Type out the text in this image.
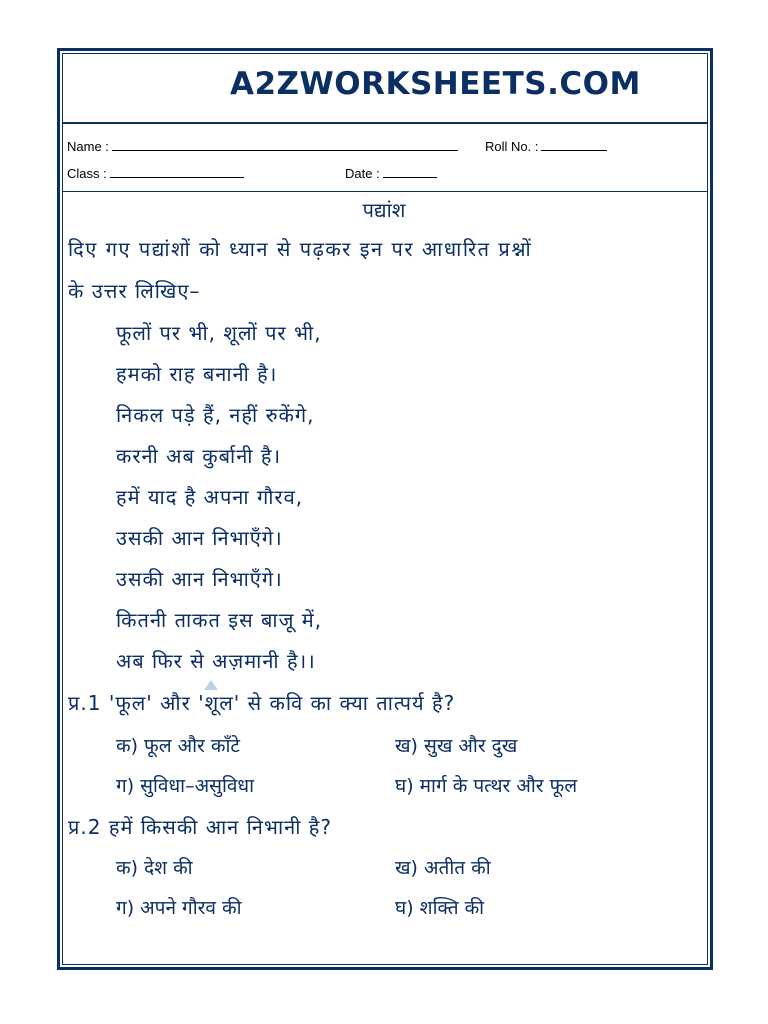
A2ZWORKSHEETS.COM
Name :	Roll No. :
Class :	Date :
पद्यांश
दिए गए पद्यांशों को ध्यान से पढ़कर इन पर आधारित प्रश्नों
के उत्तर लिखिए–
फूलों पर भी, शूलों पर भी,
हमको राह बनानी है।
निकल पड़े हैं, नहीं रुकेंगे,
करनी अब कुर्बानी है।
हमें याद है अपना गौरव,
उसकी आन निभाएँगे।
उसकी आन निभाएँगे।
कितनी ताकत इस बाजू में,
अब फिर से अज़मानी है।।
प्र.1 'फूल' और 'शूल' से कवि का क्या तात्पर्य है?
क) फूल और काँटे	ख) सुख और दुख
ग) सुविधा–असुविधा	घ) मार्ग के पत्थर और फूल
प्र.2 हमें किसकी आन निभानी है?
क) देश की	ख) अतीत की
ग) अपने गौरव की	घ) शक्ति की
